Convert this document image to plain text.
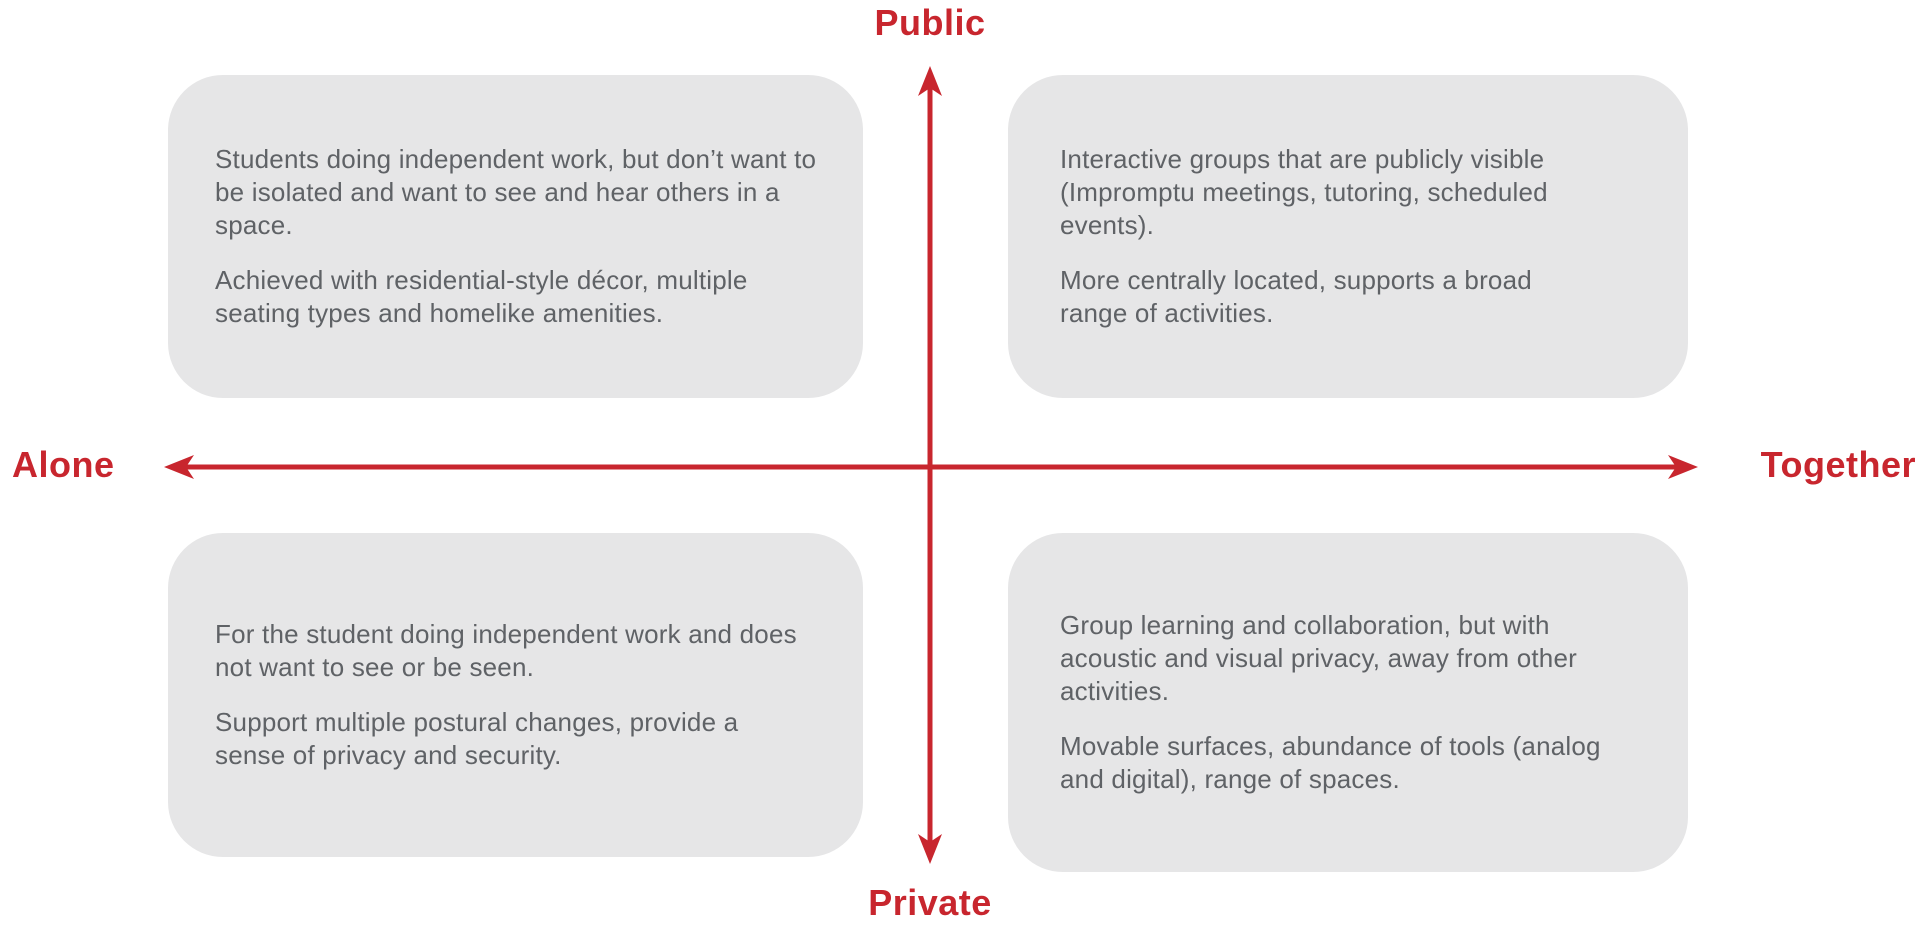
Public
Private
Alone	Together

Students doing independent work, but don’t want to be isolated and want to see and hear others in a space.

Achieved with residential-style décor, multiple seating types and homelike amenities.

Interactive groups that are publicly visible (Impromptu meetings, tutoring, scheduled events).

More centrally located, supports a broad range of activities.

For the student doing independent work and does not want to see or be seen.

Support multiple postural changes, provide a sense of privacy and security.

Group learning and collaboration, but with acoustic and visual privacy, away from other activities.

Movable surfaces, abundance of tools (analog and digital), range of spaces.
